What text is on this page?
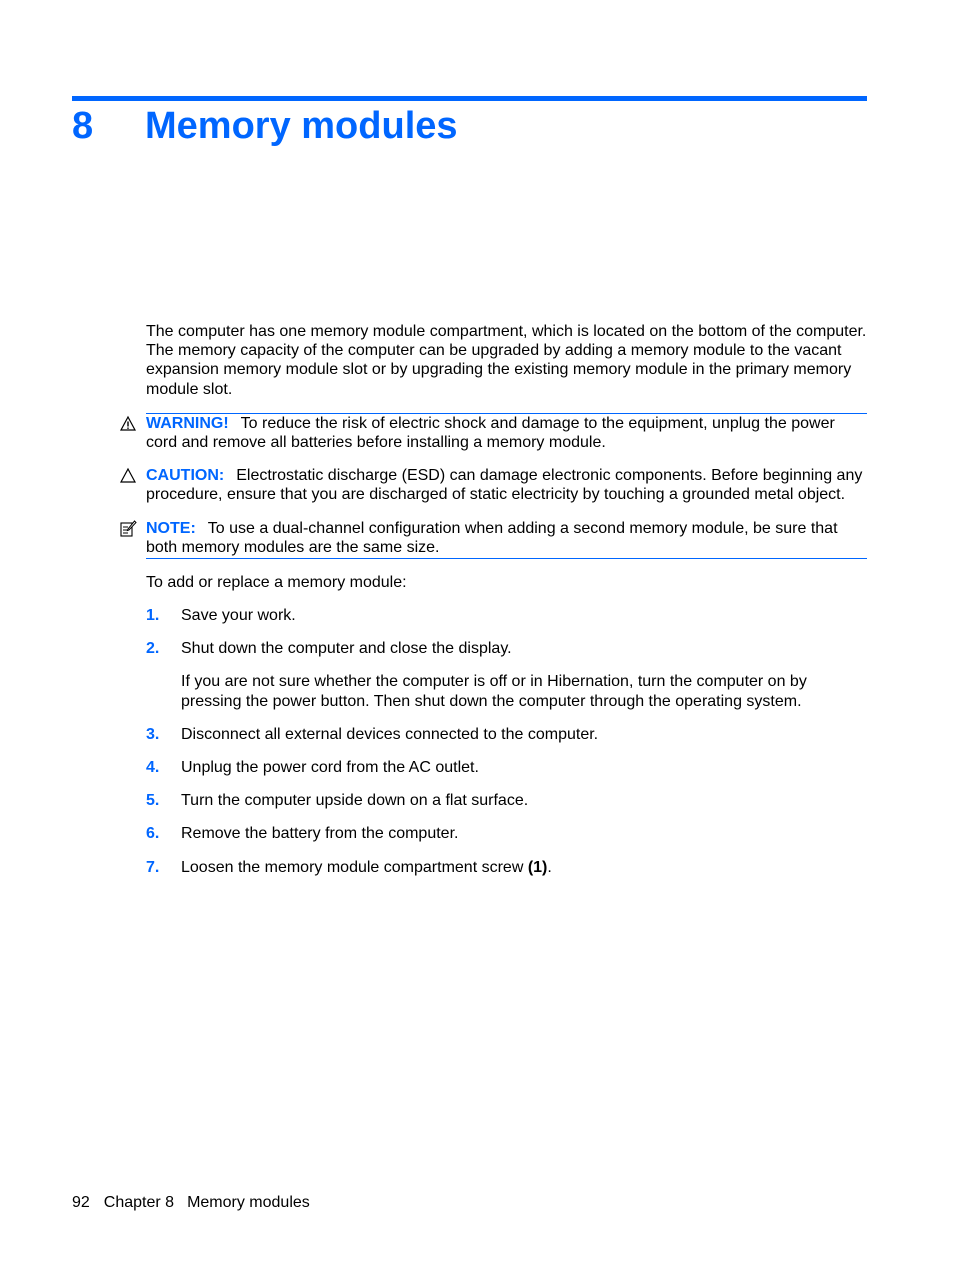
8	Memory modules
The computer has one memory module compartment, which is located on the bottom of the computer. The memory capacity of the computer can be upgraded by adding a memory module to the vacant expansion memory module slot or by upgrading the existing memory module in the primary memory module slot.
WARNING! To reduce the risk of electric shock and damage to the equipment, unplug the power cord and remove all batteries before installing a memory module.
CAUTION: Electrostatic discharge (ESD) can damage electronic components. Before beginning any procedure, ensure that you are discharged of static electricity by touching a grounded metal object.
NOTE: To use a dual-channel configuration when adding a second memory module, be sure that both memory modules are the same size.
To add or replace a memory module:
1. Save your work.
2. Shut down the computer and close the display.
If you are not sure whether the computer is off or in Hibernation, turn the computer on by pressing the power button. Then shut down the computer through the operating system.
3. Disconnect all external devices connected to the computer.
4. Unplug the power cord from the AC outlet.
5. Turn the computer upside down on a flat surface.
6. Remove the battery from the computer.
7. Loosen the memory module compartment screw (1).
92 Chapter 8 Memory modules
